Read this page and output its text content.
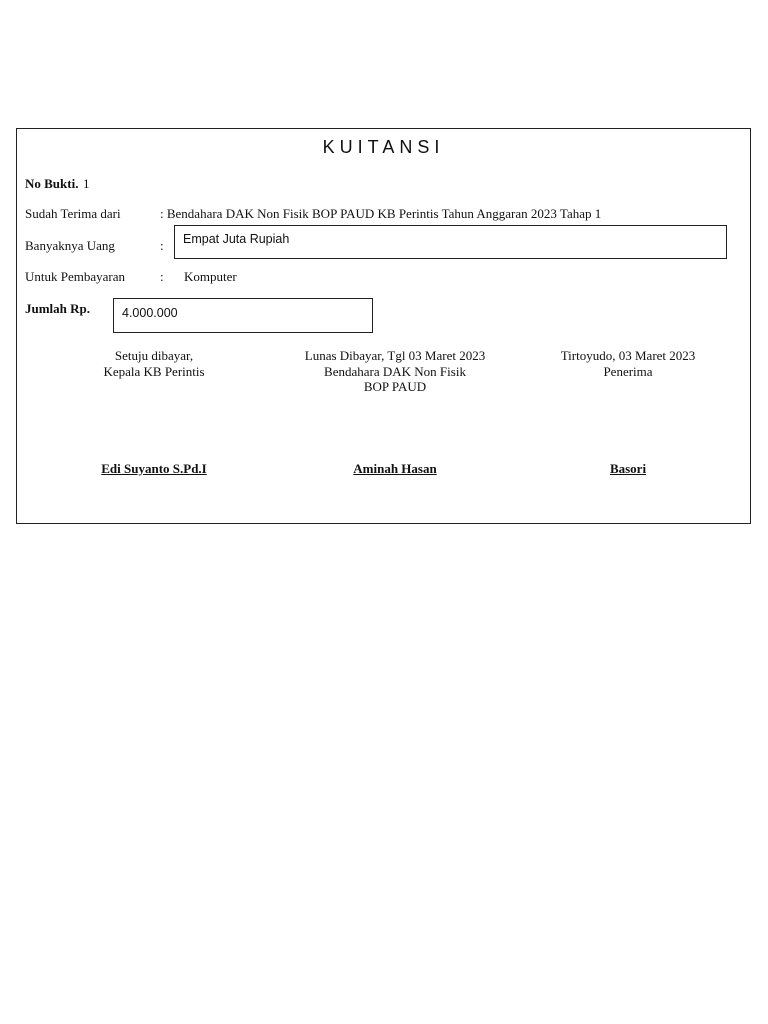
KUITANSI
No Bukti. 1
Sudah Terima dari	: Bendahara DAK Non Fisik BOP PAUD KB Perintis Tahun Anggaran 2023 Tahap 1
Banyaknya Uang	: Empat Juta Rupiah
Untuk Pembayaran	: Komputer
Jumlah Rp.	4.000.000
Setuju dibayar,
Kepala KB Perintis
Lunas Dibayar, Tgl 03 Maret 2023
Bendahara DAK Non Fisik
BOP PAUD
Tirtoyudo, 03 Maret 2023
Penerima
Edi Suyanto S.Pd.I	Aminah Hasan	Basori
